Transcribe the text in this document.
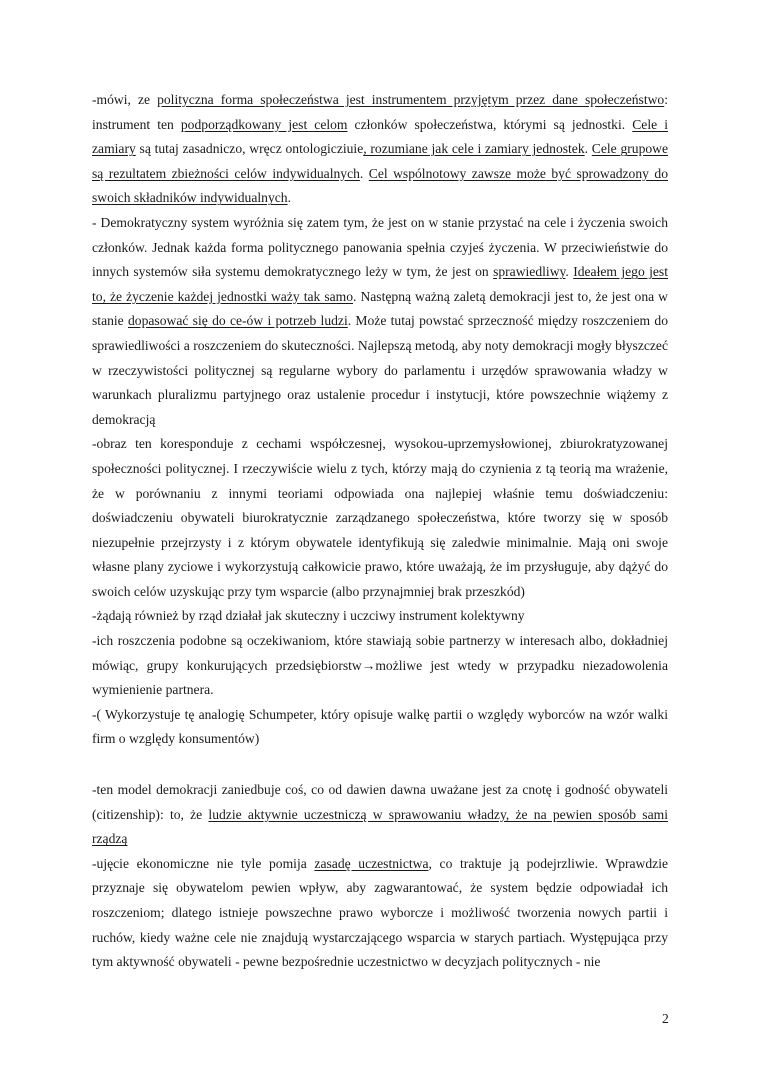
-mówi, ze polityczna forma społeczeństwa jest instrumentem przyjętym przez dane społeczeństwo: instrument ten podporządkowany jest celom członków społeczeństwa, którymi są jednostki. Cele i zamiary są tutaj zasadniczo, wręcz ontologicziuie, rozumiane jak cele i zamiary jednostek. Cele grupowe są rezultatem zbieżności celów indywidualnych. Cel wspólnotowy zawsze może być sprowadzony do swoich składników indywidualnych.

- Demokratyczny system wyróżnia się zatem tym, że jest on w stanie przystać na cele i życzenia swoich członków. Jednak każda forma politycznego panowania spełnia czyjeś życzenia. W przeciwieństwie do innych systemów siła systemu demokratycznego leży w tym, że jest on sprawiedliwy. Ideałem jego jest to, że życzenie każdej jednostki waży tak samo. Następną ważną zaletą demokracji jest to, że jest ona w stanie dopasować się do ce-ów i potrzeb ludzi. Może tutaj powstać sprzeczność między roszczeniem do sprawiedliwości a roszczeniem do skuteczności. Najlepszą metodą, aby noty demokracji mogły błyszczeć w rzeczywistości politycznej są regularne wybory do parlamentu i urzędów sprawowania władzy w warunkach pluralizmu partyjnego oraz ustalenie procedur i instytucji, które powszechnie wiążemy z demokracją

-obraz ten koresponduje z cechami współczesnej, wysokou-uprzemysłowionej, zbiurokratyzowanej społeczności politycznej. I rzeczywiście wielu z tych, którzy mają do czynienia z tą teorią ma wrażenie, że w porównaniu z innymi teoriami odpowiada ona najlepiej właśnie temu doświadczeniu: doświadczeniu obywateli biurokratycznie zarządzanego społeczeństwa, które tworzy się w sposób niezupełnie przejrzysty i z którym obywatele identyfikują się zaledwie minimalnie. Mają oni swoje własne plany zyciowe i wykorzystują całkowicie prawo, które uważają, że im przysługuje, aby dążyć do swoich celów uzyskując przy tym wsparcie (albo przynajmniej brak przeszkód)

-żądają również by rząd działał jak skuteczny i uczciwy instrument kolektywny

-ich roszczenia podobne są oczekiwaniom, które stawiają sobie partnerzy w interesach albo, dokładniej mówiąc, grupy konkurujących przedsiębiorstw→możliwe jest wtedy w przypadku niezadowolenia wymienienie partnera.

-( Wykorzystuje tę analogię Schumpeter, który opisuje walkę partii o względy wyborców na wzór walki firm o względy konsumentów)

-ten model demokracji zaniedbuje coś, co od dawien dawna uważane jest za cnotę i godność obywateli (citizenship): to, że ludzie aktywnie uczestniczą w sprawowaniu władzy, że na pewien sposób sami rządzą

-ujęcie ekonomiczne nie tyle pomija zasadę uczestnictwa, co traktuje ją podejrzliwie. Wprawdzie przyznaje się obywatelom pewien wpływ, aby zagwarantować, że system będzie odpowiadał ich roszczeniom; dlatego istnieje powszechne prawo wyborcze i możliwość tworzenia nowych partii i ruchów, kiedy ważne cele nie znajdują wystarczającego wsparcia w starych partiach. Występująca przy tym aktywność obywateli - pewne bezpośrednie uczestnictwo w decyzjach politycznych - nie

2
